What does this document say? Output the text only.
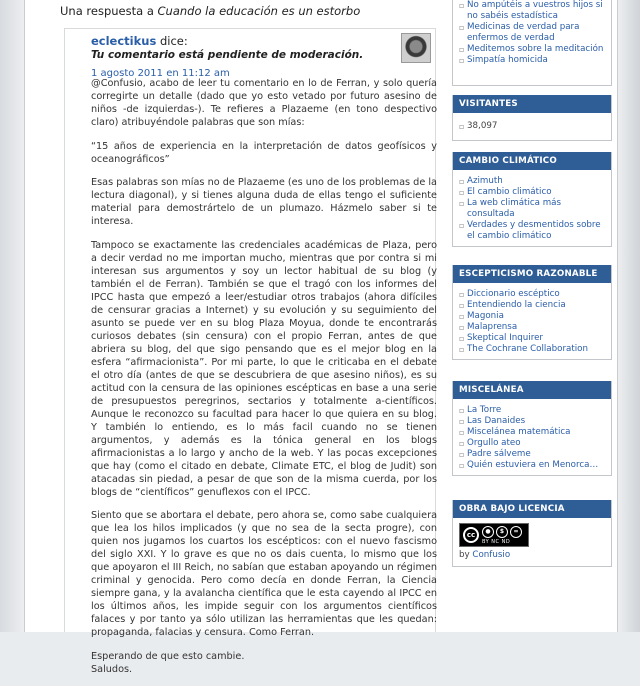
Una respuesta a Cuando la educación es un estorbo
eclectikus dice:
Tu comentario está pendiente de moderación.
1 agosto 2011 en 11:12 am

@Confusio, acabo de leer tu comentario en lo de Ferran, y solo quería corregirte un detalle (dado que yo esto vetado por futuro asesino de niños -de izquierdas-). Te refieres a Plazaeme (en tono despectivo claro) atribuyéndole palabras que son mías:

“15 años de experiencia en la interpretación de datos geofísicos y oceanográficos”

Esas palabras son mías no de Plazaeme (es uno de los problemas de la lectura diagonal), y si tienes alguna duda de ellas tengo el suficiente material para demostrártelo de un plumazo. Házmelo saber si te interesa.

Tampoco se exactamente las credenciales académicas de Plaza, pero a decir verdad no me importan mucho, mientras que por contra si mi interesan sus argumentos y soy un lector habitual de su blog (y también el de Ferran). También se que el tragó con los informes del IPCC hasta que empezó a leer/estudiar otros trabajos (ahora difíciles de censurar gracias a Internet) y su evolución y su seguimiento del asunto se puede ver en su blog Plaza Moyua, donde te encontrarás curiosos debates (sin censura) con el propio Ferran, antes de que abriera su blog, del que sigo pensando que es el mejor blog en la esfera “afirmacionista”. Por mi parte, lo que le criticaba en el debate el otro día (antes de que se descubriera de que asesino niños), es su actitud con la censura de las opiniones escépticas en base a una serie de presupuestos peregrinos, sectarios y totalmente a-científicos. Aunque le reconozco su facultad para hacer lo que quiera en su blog. Y también lo entiendo, es lo más facil cuando no se tienen argumentos, y además es la tónica general en los blogs afirmacionistas a lo largo y ancho de la web. Y las pocas excepciones que hay (como el citado en debate, Climate ETC, el blog de Judit) son atacadas sin piedad, a pesar de que son de la misma cuerda, por los blogs de “científicos” genuflexos con el IPCC.

Siento que se abortara el debate, pero ahora se, como sabe cualquiera que lea los hilos implicados (y que no sea de la secta progre), con quien nos jugamos los cuartos los escépticos: con el nuevo fascismo del siglo XXI. Y lo grave es que no os dais cuenta, lo mismo que los que apoyaron el III Reich, no sabían que estaban apoyando un régimen criminal y genocida. Pero como decía en donde Ferran, la Ciencia siempre gana, y la avalancha científica que le esta cayendo al IPCC en los últimos años, les impide seguir con los argumentos científicos falaces y por tanto ya sólo utilizan las herramientas que les quedan: propaganda, falacias y censura. Como Ferran.

Esperando de que esto cambie.
Saludos.

▫ No ampútéis a vuestros hijos si no sabéis estadística
▫ Medicinas de verdad para enfermos de verdad
▫ Meditemos sobre la meditación
▫ Simpatía homicida
VISITANTES
▫ 38,097
CAMBIO CLIMÁTICO
▫ Azimuth
▫ El cambio climático
▫ La web climática más consultada
▫ Verdades y desmentidos sobre el cambio climático
ESCEPTICISMO RAZONABLE
▫ Diccionario escéptico
▫ Entendiendo la ciencia
▫ Magonia
▫ Malaprensa
▫ Skeptical Inquirer
▫ The Cochrane Collaboration
MISCELÁNEA
▫ La Torre
▫ Las Danaides
▫ Miscelánea matemática
▫ Orgullo ateo
▫ Padre sálveme
▫ Quién estuviera en Menorca…
OBRA BAJO LICENCIA
cc	●	$	=
BY NC ND
by Confusio
